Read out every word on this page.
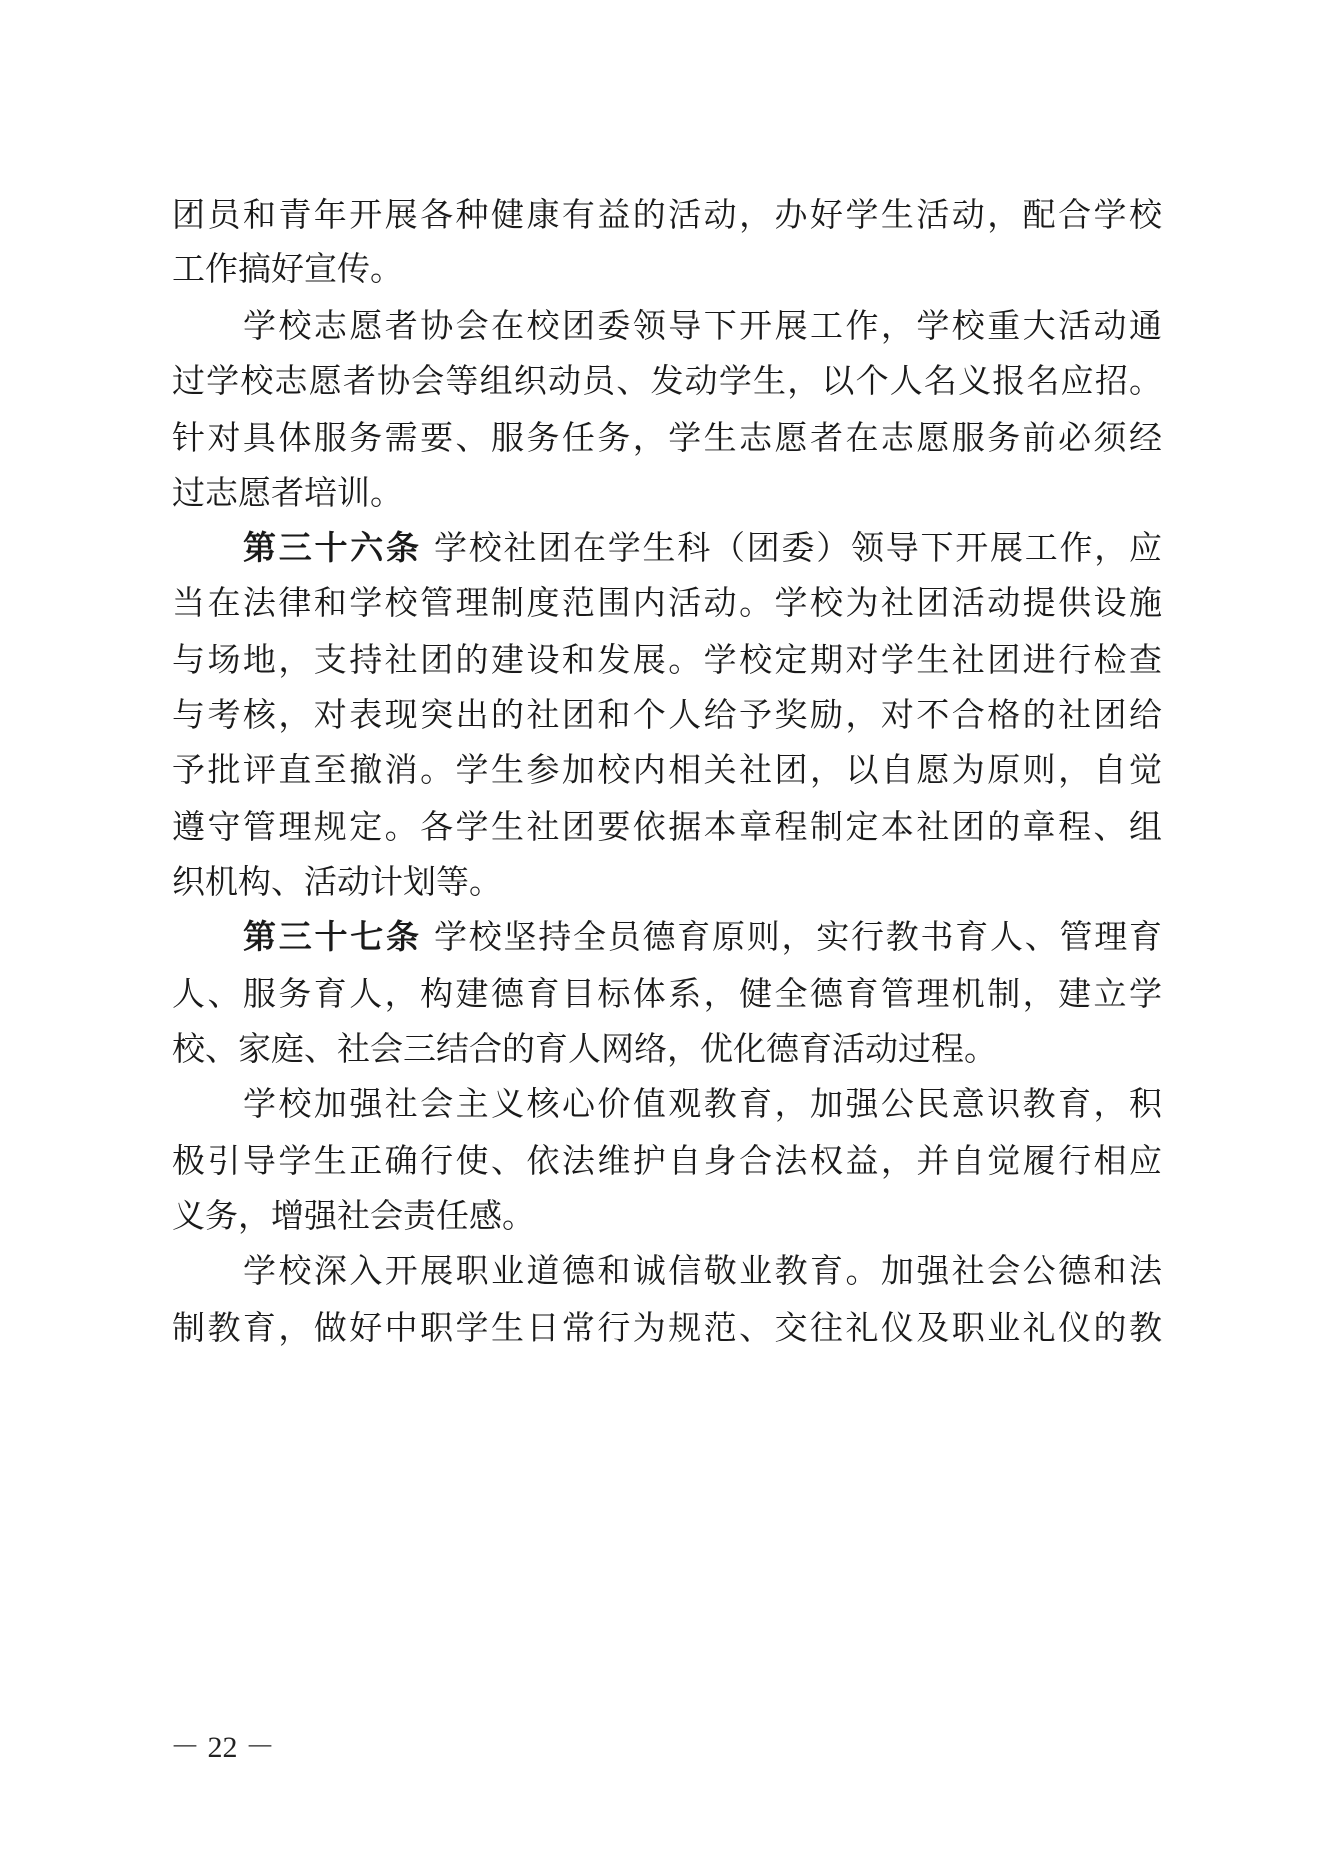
团员和青年开展各种健康有益的活动，办好学生活动，配合学校
工作搞好宣传。
学校志愿者协会在校团委领导下开展工作，学校重大活动通
过学校志愿者协会等组织动员、发动学生，以个人名义报名应招。
针对具体服务需要、服务任务，学生志愿者在志愿服务前必须经
过志愿者培训。
第三十六条 学校社团在学生科（团委）领导下开展工作，应
当在法律和学校管理制度范围内活动。学校为社团活动提供设施
与场地，支持社团的建设和发展。学校定期对学生社团进行检查
与考核，对表现突出的社团和个人给予奖励，对不合格的社团给
予批评直至撤消。学生参加校内相关社团，以自愿为原则，自觉
遵守管理规定。各学生社团要依据本章程制定本社团的章程、组
织机构、活动计划等。
第三十七条 学校坚持全员德育原则，实行教书育人、管理育
人、服务育人，构建德育目标体系，健全德育管理机制，建立学
校、家庭、社会三结合的育人网络，优化德育活动过程。
学校加强社会主义核心价值观教育，加强公民意识教育，积
极引导学生正确行使、依法维护自身合法权益，并自觉履行相应
义务，增强社会责任感。
学校深入开展职业道德和诚信敬业教育。加强社会公德和法
制教育，做好中职学生日常行为规范、交往礼仪及职业礼仪的教
－ 22 －
